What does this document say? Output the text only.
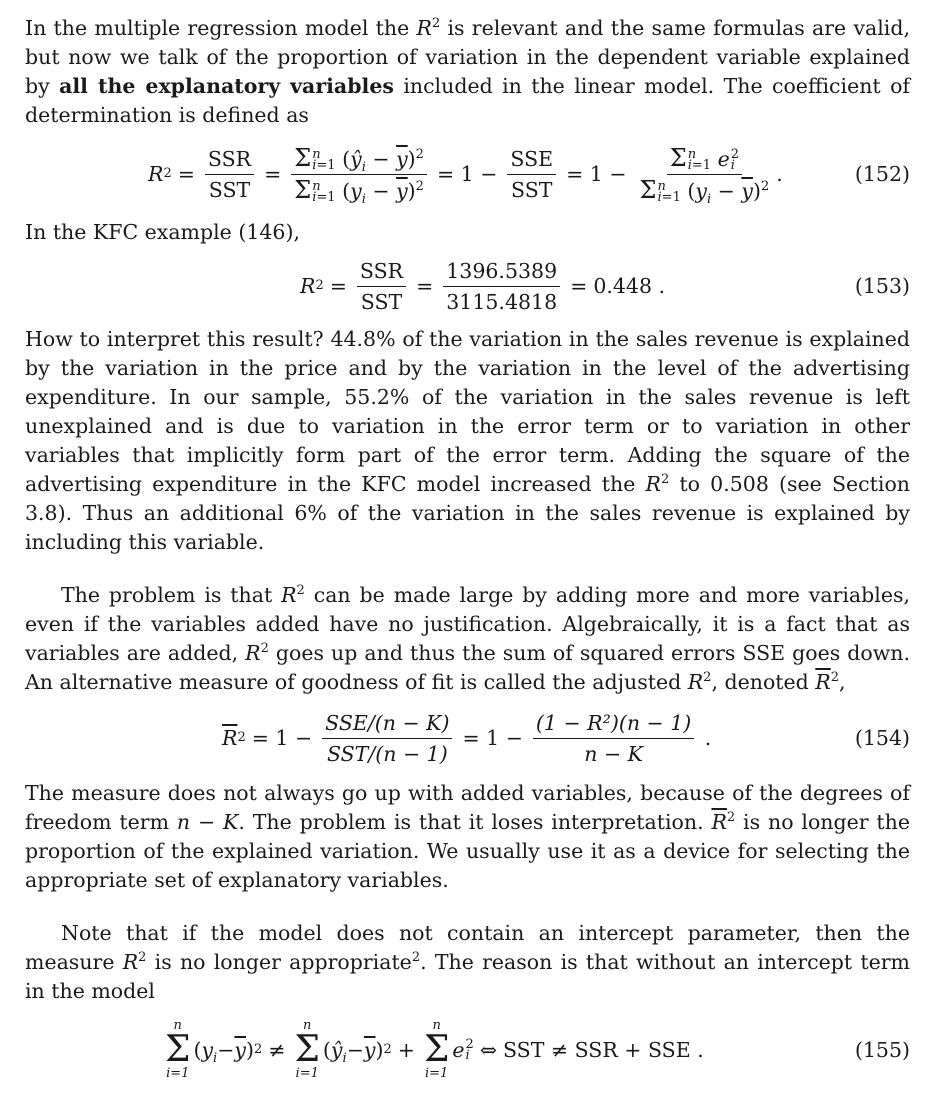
In the multiple regression model the $R^2$ is relevant and the same formulas are valid, but now we talk of the proportion of variation in the dependent variable explained by all the explanatory variables included in the linear model. The coefficient of determination is defined as

R $2 = \frac{\text{SSR}}{\text{SST}} = \Sigma$ n
i=1 $(ŷ_i - \overline{y})^2$
Σ n
i=1 $(y_i - \overline{y})^2 = 1 - \frac{\text{SSE}}{\text{SST}} = 1 - \Sigma$ n
i=1 e 2
i
Σ n
i=1 $(y_i - \overline{y})^2$ .	(152)

In the KFC example (146),

R $2 = \frac{\text{SSR}}{\text{SST}} = \frac{1396.5389}{3115.4818} = 0.448$ .	(153)

How to interpret this result? 44.8% of the variation in the sales revenue is explained by the variation in the price and by the variation in the level of the advertising expenditure. In our sample, 55.2% of the variation in the sales revenue is left unexplained and is due to variation in the error term or to variation in other variables that implicitly form part of the error term. Adding the square of the advertising expenditure in the KFC model increased the $R^2$ to 0.508 (see Section 3.8). Thus an additional 6% of the variation in the sales revenue is explained by including this variable.

The problem is that $R^2$ can be made large by adding more and more variables, even if the variables added have no justification. Algebraically, it is a fact that as variables are added, $R^2$ goes up and thus the sum of squared errors SSE goes down. An alternative measure of goodness of fit is called the adjusted $R^2$, denoted $\overline{R}^2$,

$\overline{R}$ $2 = 1 - \frac{\text{SSE/(n − K)}}{\text{SST/(n − 1)}} = 1 - \frac{\text{(1 − R²)(n − 1)}}{n - K}$ .	(154)

The measure does not always go up with added variables, because of the degrees of freedom term n − K. The problem is that it loses interpretation. $\overline{R}^2$ is no longer the proportion of the explained variation. We usually use it as a device for selecting the appropriate set of explanatory variables.

Note that if the model does not contain an intercept parameter, then the measure $R^2$ is no longer appropriate$^2$. The reason is that without an intercept term in the model

n
Σ
i=1
( $y_i - \overline{y}$ ) 2 ≠
n
Σ
i=1
( $ŷ_i - \overline{y}$ ) 2 +
n
Σ
i=1
e 2
i ⇔ SST ≠ SSR + SSE .	(155)
